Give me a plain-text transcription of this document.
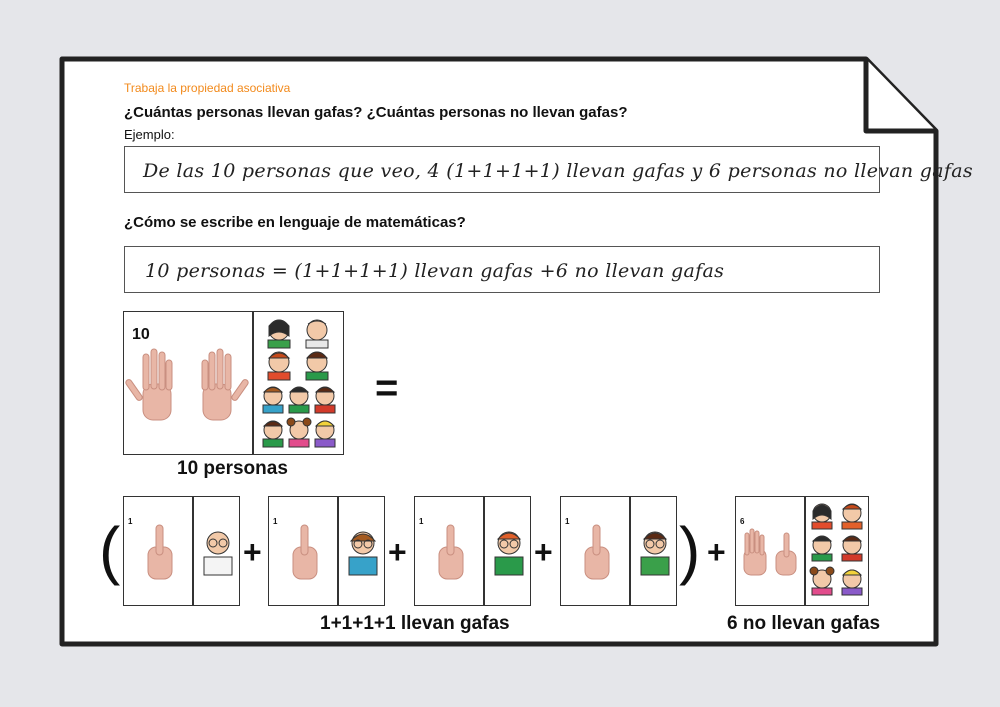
Trabaja la propiedad asociativa
¿Cuántas personas llevan gafas? ¿Cuántas personas no llevan gafas?
Ejemplo:
De las 10 personas que veo, 4 (1+1+1+1) llevan gafas y 6 personas no llevan gafas
¿Cómo se escribe en lenguaje de matemáticas?
10 personas = (1+1+1+1) llevan gafas +6 no llevan gafas
10
=
10 personas
( 1
+
1
+
1
+
1 ) +
6
1+1+1+1 llevan gafas	6 no llevan gafas
